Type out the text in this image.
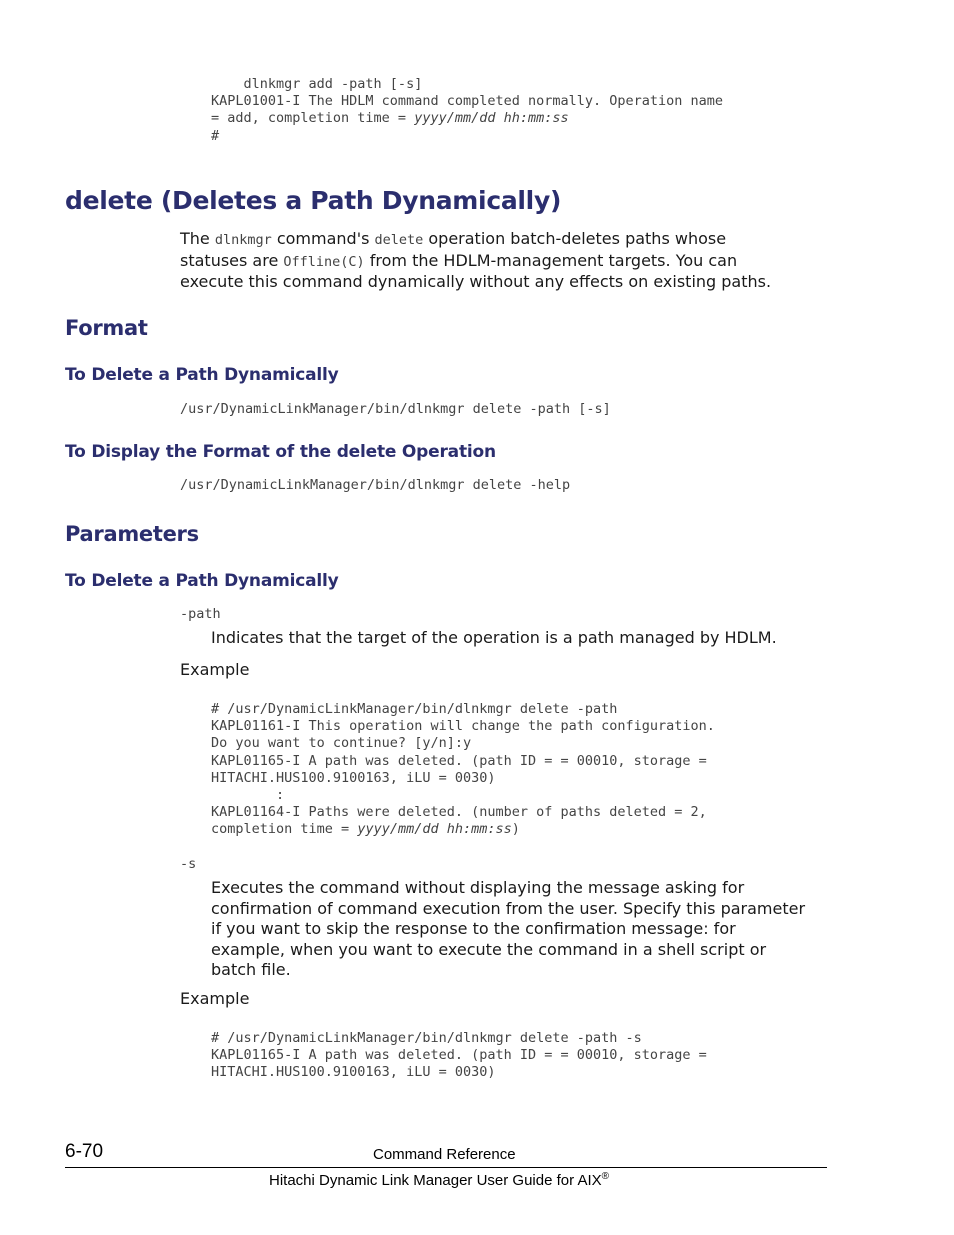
dlnkmgr add -path [-s]
KAPL01001-I The HDLM command completed normally. Operation name
= add, completion time = yyyy/mm/dd hh:mm:ss
#
delete (Deletes a Path Dynamically)
The dlnkmgr command's delete operation batch-deletes paths whose
statuses are Offline(C) from the HDLM-management targets. You can
execute this command dynamically without any effects on existing paths.
Format
To Delete a Path Dynamically
/usr/DynamicLinkManager/bin/dlnkmgr delete -path [-s]
To Display the Format of the delete Operation
/usr/DynamicLinkManager/bin/dlnkmgr delete -help
Parameters
To Delete a Path Dynamically
-path
Indicates that the target of the operation is a path managed by HDLM.
Example
# /usr/DynamicLinkManager/bin/dlnkmgr delete -path
KAPL01161-I This operation will change the path configuration.
Do you want to continue? [y/n]:y
KAPL01165-I A path was deleted. (path ID = = 00010, storage =
HITACHI.HUS100.9100163, iLU = 0030)
:
KAPL01164-I Paths were deleted. (number of paths deleted = 2,
completion time = yyyy/mm/dd hh:mm:ss)
-s
Executes the command without displaying the message asking for
confirmation of command execution from the user. Specify this parameter
if you want to skip the response to the confirmation message: for
example, when you want to execute the command in a shell script or
batch file.
Example
# /usr/DynamicLinkManager/bin/dlnkmgr delete -path -s
KAPL01165-I A path was deleted. (path ID = = 00010, storage =
HITACHI.HUS100.9100163, iLU = 0030)
6-70	Command Reference
Hitachi Dynamic Link Manager User Guide for AIX®
